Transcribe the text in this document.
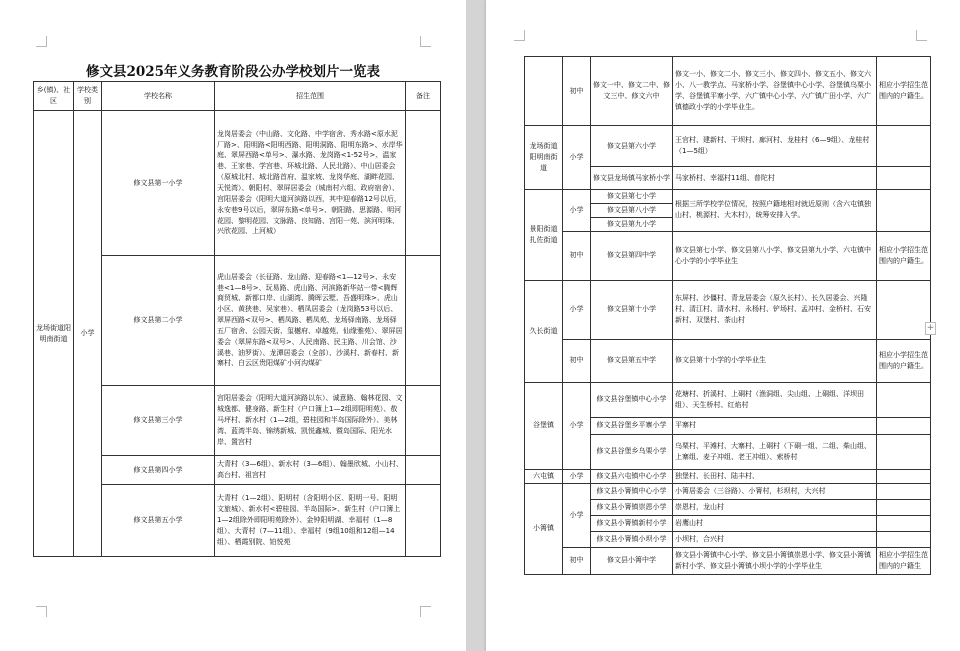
修文县2025年义务教育阶段公办学校划片一览表
乡(镇)、社区	学校类别	学校名称	招生范围	备注
龙场街道阳明南街道	小学	修文县第一小学	龙岗居委会（中山路、文化路、中学宿舍、秀水路<原水泥厂路>、阳明路<阳明西路、阳明洞路、阳明东路>、水岸华庭、翠屏西路<单号>、瀑水路、龙岗路<1-52号>、温家巷、王家巷、学宫巷、环城北路、人民北路）、中山居委会（原城北村、城北路首府、温家坡、龙岗华庭、湖畔花园、天悦湾）、朝阳村、翠屏居委会（城南村六组、政府宿舍）、宫阳居委会（阳明大道河滨路以西，其中迎春路12号以后，永安巷9号以后，翠屏东路<单号>、朝阳路、思源路、明河花园、黎明花园、文脉路、良知路、宫阳一苑、滨河明珠、兴欣花园、上河城）	
		修文县第二小学	虎山居委会（长征路、龙山路、迎春路<1—12号>、永安巷<1—8号>、玩易路、虎山路、河滨路新华站一带<腾辉商贸城、新都口岸、山湖湾、腾晖云墅、吾盛明珠>、虎山小区、黄狭巷、吴家巷）、栖凤居委会（龙岗路53号以后、翠屏西路<双号>、栖凤路、栖凤苑、龙场驿南路、龙场驿五厂宿舍、公园天街、玺樾府、卓越苑、仙缘雅苑）、翠屏居委会（翠屏东路<双号>、人民南路、民主路、川会馆、沙溪巷、油罗街）、龙潭居委会（全部）、沙溪村、新春村、新寨村、白云区贵阳煤矿小河沟煤矿	
		修文县第三小学	宫阳居委会（阳明大道河滨路以东）、诚意路、翰林花园、文城逸都、健身路、新生村（户口簿上1—2组即阳明苑）、敖马坪村、新水村（1—2组，碧桂园和半岛国际除外）、美林湾、蓝湾半岛、锦绣新城、凯悦鑫城、暨岛国际、阳光水岸、置宫村	
		修文县第四小学	大青村（3—6组）、新水村（3—6组）、翰墨欣城、小山村、高台村、祖宫村	
		修文县第五小学	大青村（1—2组）、阳明村（含阳明小区、阳明一号、阳明文旅城）、新水村<碧桂园、半岛国际>、新生村（户口簿上1—2组除外即阳明苑除外）、金钟阳明湖、幸福村（1—8组）、大青村（7—11组）、幸福村（9组10组和12组—14组）、栖霞别院、铂悦苑	
	初中	修文一中、修文二中、修文三中、修文六中	修文一小、修文二小、修文三小、修文四小、修文五小、修文六小、八一教学点、马家桥小学、谷堡镇中心小学、谷堡镇乌栗小学、谷堡镇平寨小学、六广镇中心小学、六广镇广田小学、六广镇德政小学的小学毕业生。	相应小学招生范围内的户籍生。
龙场街道阳明南街道	小学	修文县第六小学	王官村、建新村、干坝村、廊河村、龙桂村（6—9组）、龙桂村（1—5组）	
		修文县龙场镇马家桥小学	马家桥村、幸福村11组、普陀村	
景阳街道扎佐街道	小学	修文县第七小学	根据三所学校学位情况，按照户籍地相对就近原则（含六屯镇独山村、桃源村、大木村），统筹安排入学。	
		修文县第八小学		
		修文县第九小学		
	初中	修文县第四中学	修文县第七小学、修文县第八小学、修文县第九小学、六屯镇中心小学的小学毕业生	相应小学招生范围内的户籍生。
久长街道	小学	修文县第十小学	东屏村、沙僵村、青龙居委会（原久长村）、长久居委会、兴隆村、清江村、清水村、永杨村、铲场村、孟冲村、金桥村、石安新村、双堡村、茶山村	
	初中	修文县第五中学	修文县第十小学的小学毕业生	相应小学招生范围内的户籍生。
谷堡镇	小学	修文县谷堡镇中心小学	花塘村、折溪村、上硐村（渔洞组、尖山组、上硐组、洋坝田组）、天生桥村、红焰村	
		修文县谷堡乡平寨小学	平寨村	
		修文县谷堡乡乌栗小学	乌栗村、平滩村、大寨村、上硐村（下硐一组、二组、柴山组、上寨组、麦子冲组、老王冲组）、索桥村	
六屯镇	小学	修文县六屯镇中心小学	独堡村、长田村、陆丰村、	
小箐镇	小学	修文县小箐镇中心小学	小箐居委会（三谷路）、小箐村，杉坝村，大兴村	
		修文县小箐镇崇恩小学	崇恩村，龙山村	
		修文县小箐镇新村小学	岩鹰山村	
		修文县小箐镇小坝小学	小坝村，合兴村	
	初中	修文县小箐中学	修文县小箐镇中心小学、修文县小箐镇崇恩小学、修文县小箐镇新村小学、修文县小箐镇小坝小学的小学毕业生	相应小学招生范围内的户籍生
+
